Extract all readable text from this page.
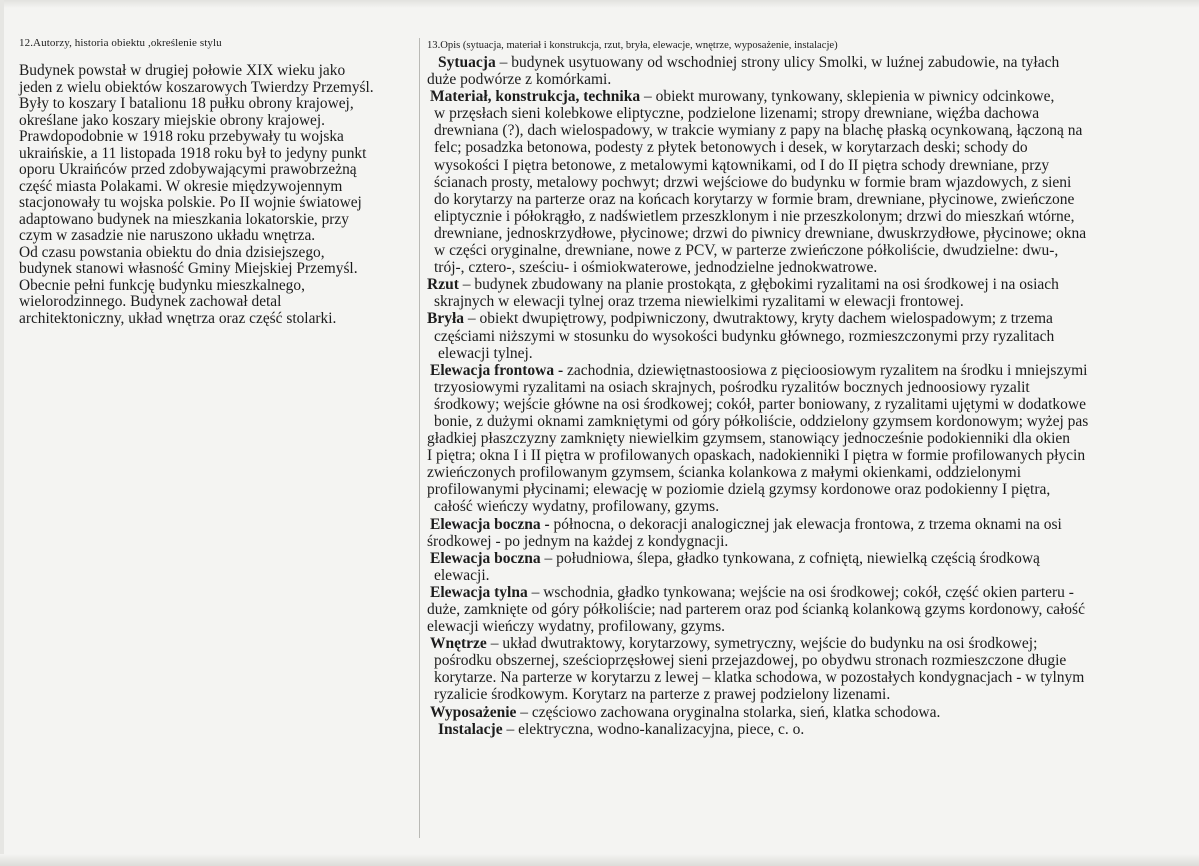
12.Autorzy, historia obiektu ,określenie stylu
Budynek powstał w drugiej połowie XIX wieku jako
jeden z wielu obiektów koszarowych Twierdzy Przemyśl.
Były to koszary I batalionu 18 pułku obrony krajowej,
określane jako koszary miejskie obrony krajowej.
Prawdopodobnie w 1918 roku przebywały tu wojska
ukraińskie, a 11 listopada 1918 roku był to jedyny punkt
oporu Ukraińców przed zdobywającymi prawobrzeżną
część miasta Polakami. W okresie międzywojennym
stacjonowały tu wojska polskie. Po II wojnie światowej
adaptowano budynek na mieszkania lokatorskie, przy
czym w zasadzie nie naruszono układu wnętrza.
Od czasu powstania obiektu do dnia dzisiejszego,
budynek stanowi własność Gminy Miejskiej Przemyśl.
Obecnie pełni funkcję budynku mieszkalnego,
wielorodzinnego. Budynek zachował detal
architektoniczny, układ wnętrza oraz część stolarki.
13.Opis (sytuacja, materiał i konstrukcja, rzut, bryła, elewacje, wnętrze, wyposażenie, instalacje)
Sytuacja – budynek usytuowany od wschodniej strony ulicy Smolki, w luźnej zabudowie, na tyłach
duże podwórze z komórkami.
Materiał, konstrukcja, technika – obiekt murowany, tynkowany, sklepienia w piwnicy odcinkowe,
w przęsłach sieni kolebkowe eliptyczne, podzielone lizenami; stropy drewniane, więźba dachowa
drewniana (?), dach wielospadowy, w trakcie wymiany z papy na blachę płaską ocynkowaną, łączoną na
felc; posadzka betonowa, podesty z płytek betonowych i desek, w korytarzach deski; schody do
wysokości I piętra betonowe, z metalowymi kątownikami, od I do II piętra schody drewniane, przy
ścianach prosty, metalowy pochwyt; drzwi wejściowe do budynku w formie bram wjazdowych, z sieni
do korytarzy na parterze oraz na końcach korytarzy w formie bram, drewniane, płycinowe, zwieńczone
eliptycznie i półokrągło, z nadświetlem przeszklonym i nie przeszkolonym; drzwi do mieszkań wtórne,
drewniane, jednoskrzydłowe, płycinowe; drzwi do piwnicy drewniane, dwuskrzydłowe, płycinowe; okna
w części oryginalne, drewniane, nowe z PCV, w parterze zwieńczone półkoliście, dwudzielne: dwu-,
trój-, cztero-, sześciu- i ośmiokwaterowe, jednodzielne jednokwatrowe.
Rzut – budynek zbudowany na planie prostokąta, z głębokimi ryzalitami na osi środkowej i na osiach
skrajnych w elewacji tylnej oraz trzema niewielkimi ryzalitami w elewacji frontowej.
Bryła – obiekt dwupiętrowy, podpiwniczony, dwutraktowy, kryty dachem wielospadowym; z trzema
częściami niższymi w stosunku do wysokości budynku głównego, rozmieszczonymi przy ryzalitach
elewacji tylnej.
Elewacja frontowa - zachodnia, dziewiętnastoosiowa z pięcioosiowym ryzalitem na środku i mniejszymi
trzyosiowymi ryzalitami na osiach skrajnych, pośrodku ryzalitów bocznych jednoosiowy ryzalit
środkowy; wejście główne na osi środkowej; cokół, parter boniowany, z ryzalitami ujętymi w dodatkowe
bonie, z dużymi oknami zamkniętymi od góry półkoliście, oddzielony gzymsem kordonowym; wyżej pas
gładkiej płaszczyzny zamknięty niewielkim gzymsem, stanowiący jednocześnie podokienniki dla okien
I piętra; okna I i II piętra w profilowanych opaskach, nadokienniki I piętra w formie profilowanych płycin
zwieńczonych profilowanym gzymsem, ścianka kolankowa z małymi okienkami, oddzielonymi
profilowanymi płycinami; elewację w poziomie dzielą gzymsy kordonowe oraz podokienny I piętra,
całość wieńczy wydatny, profilowany, gzyms.
Elewacja boczna - północna, o dekoracji analogicznej jak elewacja frontowa, z trzema oknami na osi
środkowej - po jednym na każdej z kondygnacji.
Elewacja boczna – południowa, ślepa, gładko tynkowana, z cofniętą, niewielką częścią środkową
elewacji.
Elewacja tylna – wschodnia, gładko tynkowana; wejście na osi środkowej; cokół, część okien parteru -
duże, zamknięte od góry półkoliście; nad parterem oraz pod ścianką kolankową gzyms kordonowy, całość
elewacji wieńczy wydatny, profilowany, gzyms.
Wnętrze – układ dwutraktowy, korytarzowy, symetryczny, wejście do budynku na osi środkowej;
pośrodku obszernej, sześcioprzęsłowej sieni przejazdowej, po obydwu stronach rozmieszczone długie
korytarze. Na parterze w korytarzu z lewej – klatka schodowa, w pozostałych kondygnacjach - w tylnym
ryzalicie środkowym. Korytarz na parterze z prawej podzielony lizenami.
Wyposażenie – częściowo zachowana oryginalna stolarka, sień, klatka schodowa.
Instalacje – elektryczna, wodno-kanalizacyjna, piece, c. o.
